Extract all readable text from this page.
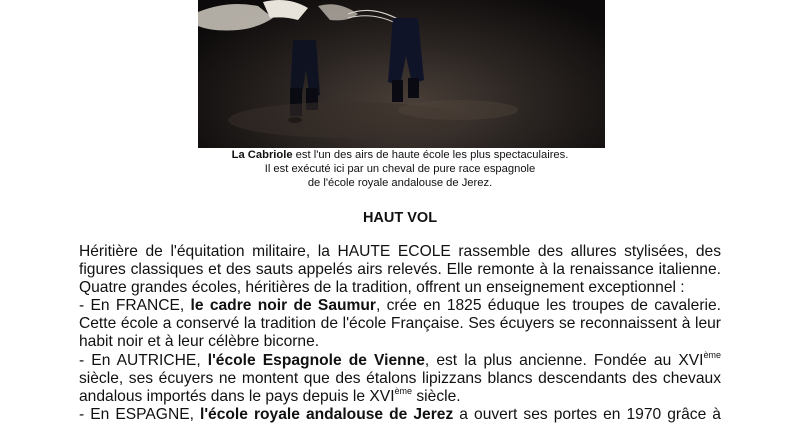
La Cabriole est l'un des airs de haute école les plus spectaculaires.
Il est exécuté ici par un cheval de pure race espagnole
de l'école royale andalouse de Jerez.
HAUT VOL

Héritière de l'équitation militaire, la HAUTE ECOLE rassemble des allures stylisées, des figures classiques et des sauts appelés airs relevés. Elle remonte à la renaissance italienne. Quatre grandes écoles, héritières de la tradition, offrent un enseignement exceptionnel :

- En FRANCE, le cadre noir de Saumur, crée en 1825 éduque les troupes de cavalerie. Cette école a conservé la tradition de l'école Française. Ses écuyers se reconnaissent à leur habit noir et à leur célèbre bicorne.

- En AUTRICHE, l'école Espagnole de Vienne, est la plus ancienne. Fondée au XVIème siècle, ses écuyers ne montent que des étalons lipizzans blancs descendants des chevaux andalous importés dans le pays depuis le XVIème siècle.

- En ESPAGNE, l'école royale andalouse de Jerez a ouvert ses portes en 1970 grâce à
